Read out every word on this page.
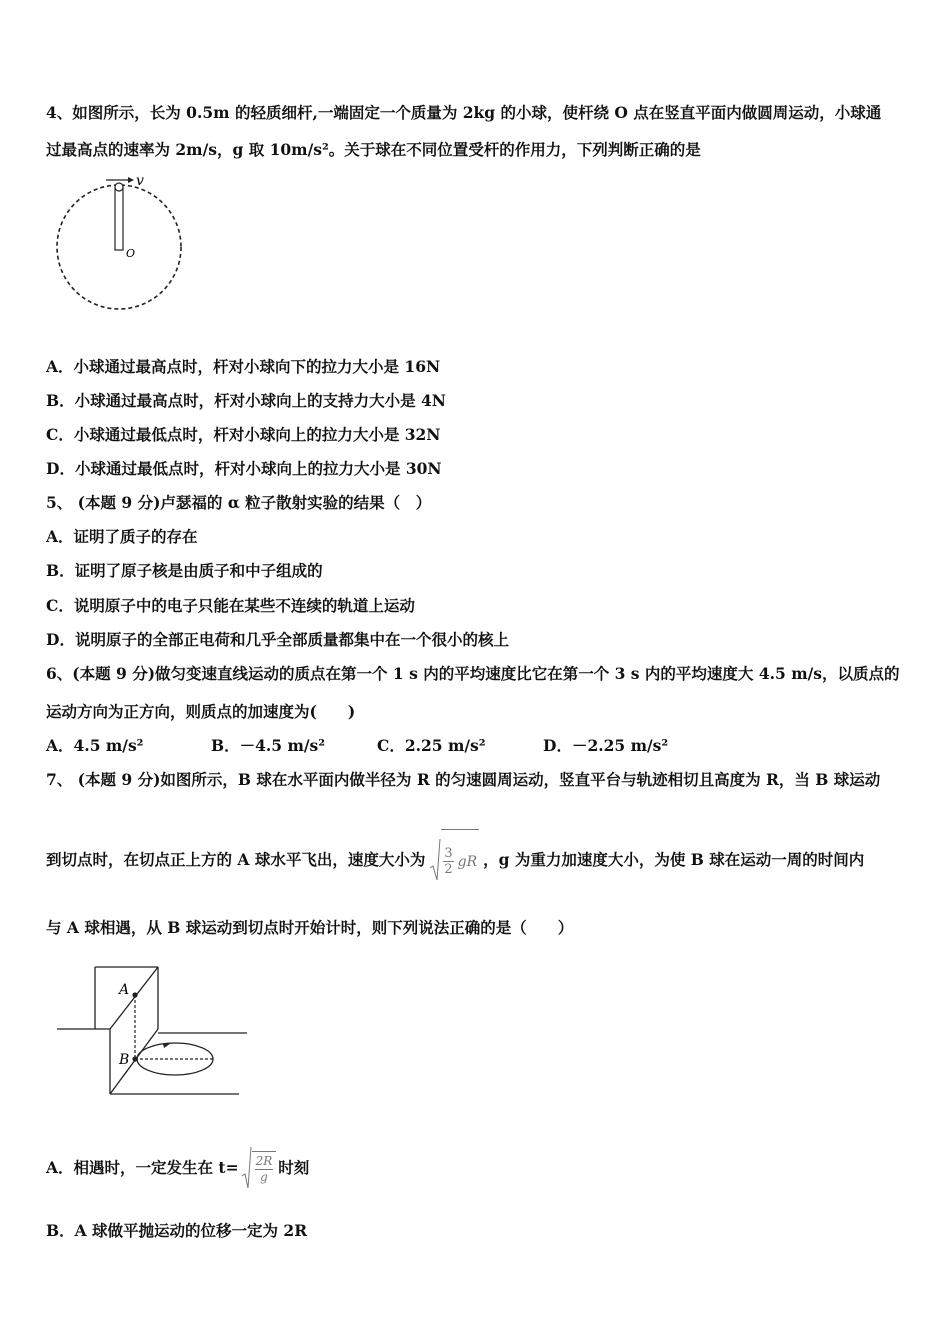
4、如图所示，长为 0.5m 的轻质细杆,一端固定一个质量为 2kg 的小球，使杆绕 O 点在竖直平面内做圆周运动，小球通
过最高点的速率为 2m/s，g 取 10m/s²。关于球在不同位置受杆的作用力，下列判断正确的是
v
O
A．小球通过最高点时，杆对小球向下的拉力大小是 16N
B．小球通过最高点时，杆对小球向上的支持力大小是 4N
C．小球通过最低点时，杆对小球向上的拉力大小是 32N
D．小球通过最低点时，杆对小球向上的拉力大小是 30N
5、 (本题 9 分)卢瑟福的 α 粒子散射实验的结果（　）
A．证明了质子的存在
B．证明了原子核是由质子和中子组成的
C．说明原子中的电子只能在某些不连续的轨道上运动
D．说明原子的全部正电荷和几乎全部质量都集中在一个很小的核上
6、(本题 9 分)做匀变速直线运动的质点在第一个 1 s 内的平均速度比它在第一个 3 s 内的平均速度大 4.5 m/s，以质点的
运动方向为正方向，则质点的加速度为(　　)
A．4.5 m/s²	B．－4.5 m/s²	C．2.25 m/s²	D．－2.25 m/s²
7、 (本题 9 分)如图所示，B 球在水平面内做半径为 R 的匀速圆周运动，竖直平台与轨迹相切且高度为 R，当 B 球运动
到切点时，在切点正上方的 A 球水平飞出，速度大小为 $\frac{3}{2}$ gR ，g 为重力加速度大小，为使 B 球在运动一周的时间内
与 A 球相遇，从 B 球运动到切点时开始计时，则下列说法正确的是（　　）
A
B
A．相遇时，一定发生在 $t= \frac{2R}{g}$ 时刻
B．A 球做平抛运动的位移一定为 2R
